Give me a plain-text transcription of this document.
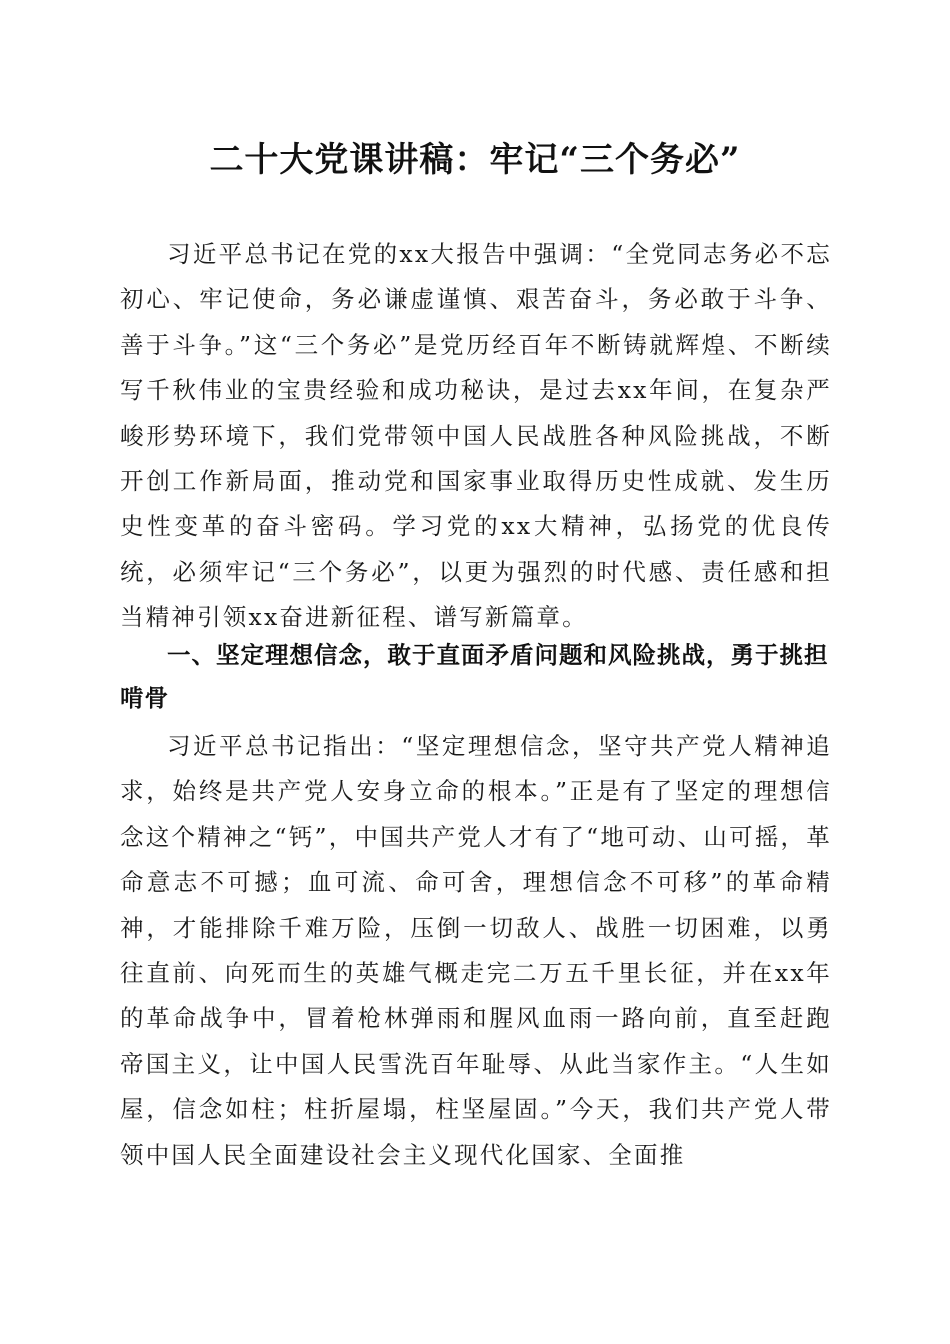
二十大党课讲稿：牢记“三个务必”

习近平总书记在党的xx大报告中强调：“全党同志务必不忘初心、牢记使命，务必谦虚谨慎、艰苦奋斗，务必敢于斗争、善于斗争。”这“三个务必”是党历经百年不断铸就辉煌、不断续写千秋伟业的宝贵经验和成功秘诀，是过去xx年间，在复杂严峻形势环境下，我们党带领中国人民战胜各种风险挑战，不断开创工作新局面，推动党和国家事业取得历史性成就、发生历史性变革的奋斗密码。学习党的xx大精神，弘扬党的优良传统，必须牢记“三个务必”，以更为强烈的时代感、责任感和担当精神引领xx奋进新征程、谱写新篇章。

一、坚定理想信念，敢于直面矛盾问题和风险挑战，勇于挑担啃骨

习近平总书记指出：“坚定理想信念，坚守共产党人精神追求，始终是共产党人安身立命的根本。”正是有了坚定的理想信念这个精神之“钙”，中国共产党人才有了“地可动、山可摇，革命意志不可撼；血可流、命可舍，理想信念不可移”的革命精神，才能排除千难万险，压倒一切敌人、战胜一切困难，以勇往直前、向死而生的英雄气概走完二万五千里长征，并在xx年的革命战争中，冒着枪林弹雨和腥风血雨一路向前，直至赶跑帝国主义，让中国人民雪洗百年耻辱、从此当家作主。“人生如屋，信念如柱；柱折屋塌，柱坚屋固。”今天，我们共产党人带领中国人民全面建设社会主义现代化国家、全面推
